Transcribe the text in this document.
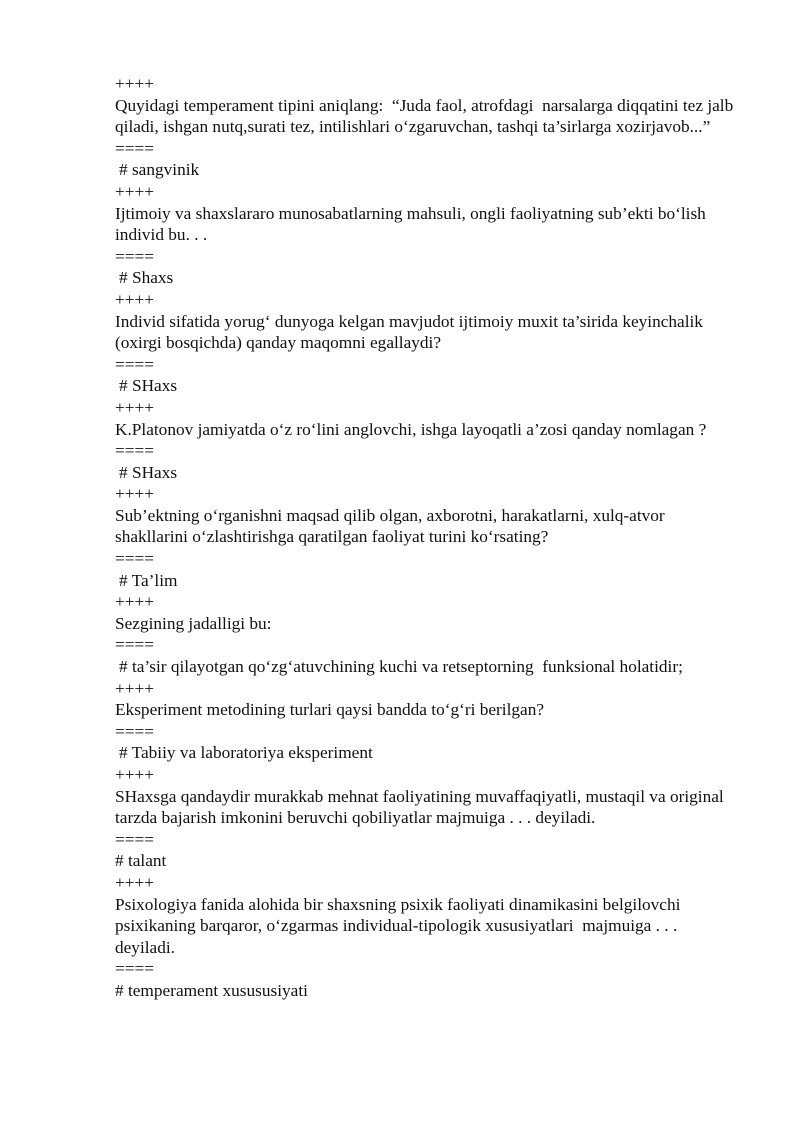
++++

Quyidagi temperament tipini aniqlang:  “Juda faol, atrofdagi  narsalarga diqqatini tez jalb qiladi, ishgan nutq,surati tez, intilishlari o‘zgaruvchan, tashqi ta’sirlarga xozirjavob...”

====

# sangvinik

++++

Ijtimoiy va shaxslararo munosabatlarning mahsuli, ongli faoliyatning sub’ekti bo‘lish individ bu. . .

====

# Shaxs

++++

Individ sifatida yorug‘ dunyoga kelgan mavjudot ijtimoiy muxit ta’sirida keyinchalik  (oxirgi bosqichda) qanday maqomni egallaydi?

====

# SHaxs

++++

K.Platonov jamiyatda o‘z ro‘lini anglovchi, ishga layoqatli a’zosi qanday nomlagan ?

====

# SHaxs

++++

Sub’ektning o‘rganishni maqsad qilib olgan, axborotni, harakatlarni, xulq-atvor shakllarini o‘zlashtirishga qaratilgan faoliyat turini ko‘rsating?

====

# Ta’lim

++++

Sezgining jadalligi bu:

====

# ta’sir qilayotgan qo‘zg‘atuvchining kuchi va retseptorning  funksional holatidir;

++++

Eksperiment metodining turlari qaysi bandda to‘g‘ri berilgan?

====

# Tabiiy va laboratoriya eksperiment

++++

SHaxsga qandaydir murakkab mehnat faoliyatining muvaffaqiyatli, mustaqil va original tarzda bajarish imkonini beruvchi qobiliyatlar majmuiga . . . deyiladi.

====

# talant

++++

Psixologiya fanida alohida bir shaxsning psixik faoliyati dinamikasini belgilovchi psixikaning barqaror, o‘zgarmas individual-tipologik xususiyatlari  majmuiga . . . deyiladi.

====

# temperament xusususiyati
